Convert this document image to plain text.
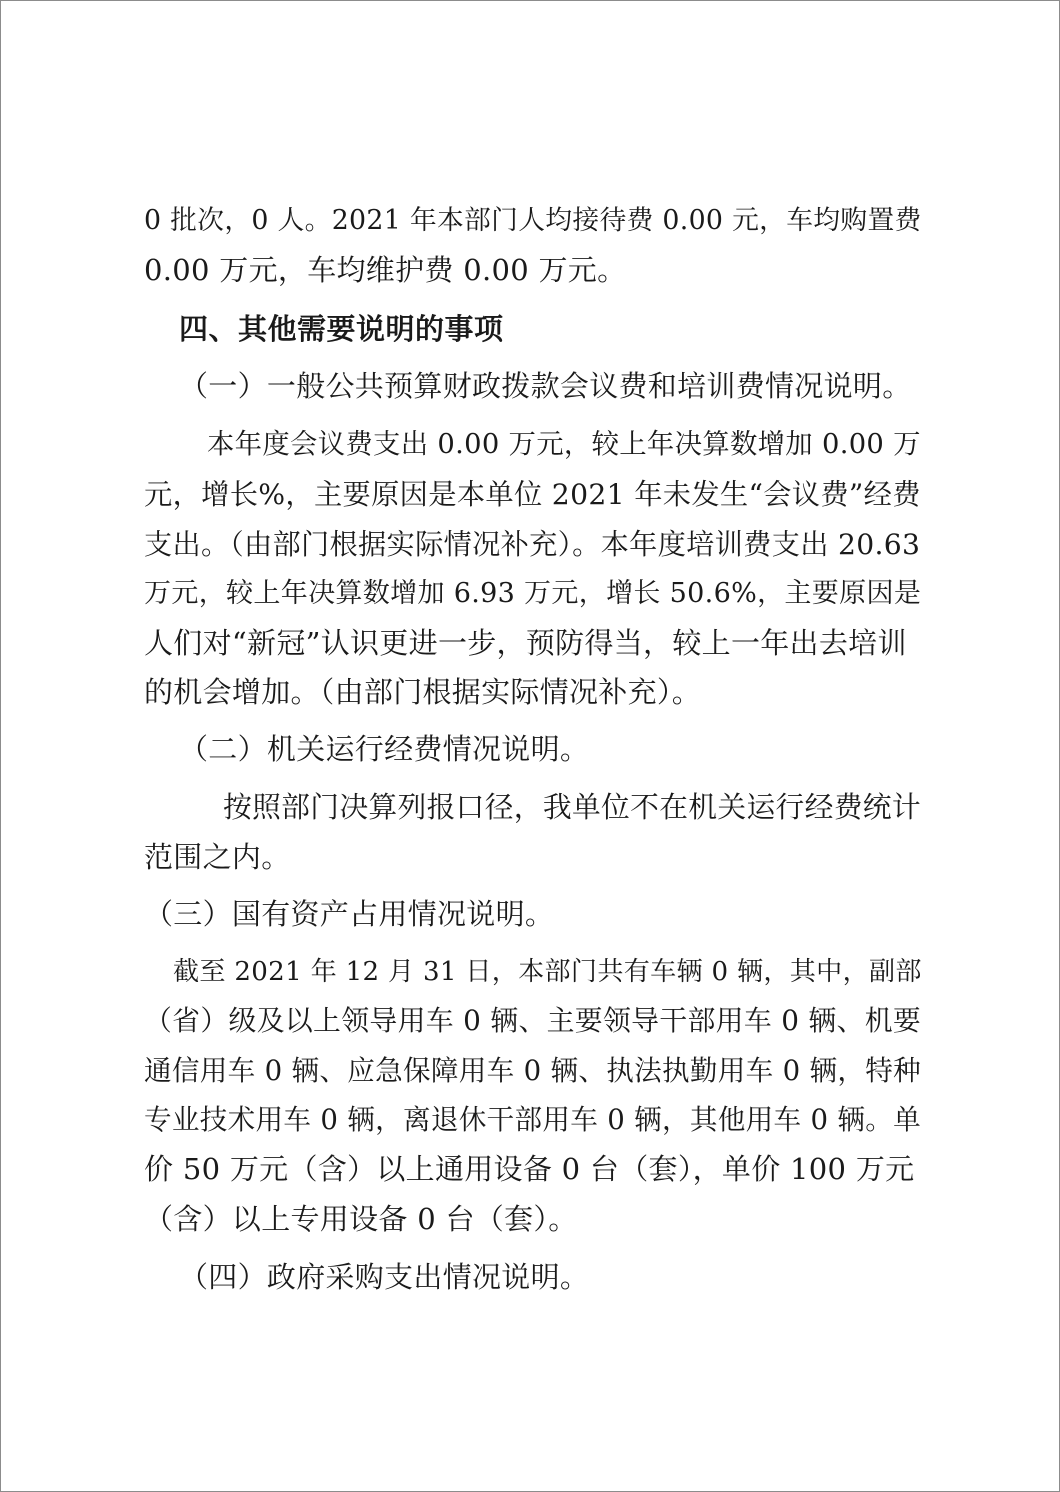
0 批次，0 人。2021 年本部门人均接待费 0.00 元，车均购置费
0.00 万元，车均维护费 0.00 万元。
四、其他需要说明的事项
（一）一般公共预算财政拨款会议费和培训费情况说明。
本年度会议费支出 0.00 万元，较上年决算数增加 0.00 万
元，增长%，主要原因是本单位 2021 年未发生“会议费”经费
支出。（由部门根据实际情况补充）。本年度培训费支出 20.63
万元，较上年决算数增加 6.93 万元，增长 50.6%，主要原因是
人们对“新冠”认识更进一步，预防得当，较上一年出去培训
的机会增加。（由部门根据实际情况补充）。
（二）机关运行经费情况说明。
按照部门决算列报口径，我单位不在机关运行经费统计
范围之内。
（三）国有资产占用情况说明。
截至 2021 年 12 月 31 日，本部门共有车辆 0 辆，其中，副部
（省）级及以上领导用车 0 辆、主要领导干部用车 0 辆、机要
通信用车 0 辆、应急保障用车 0 辆、执法执勤用车 0 辆，特种
专业技术用车 0 辆，离退休干部用车 0 辆，其他用车 0 辆。单
价 50 万元（含）以上通用设备 0 台（套），单价 100 万元
（含）以上专用设备 0 台（套）。
（四）政府采购支出情况说明。
